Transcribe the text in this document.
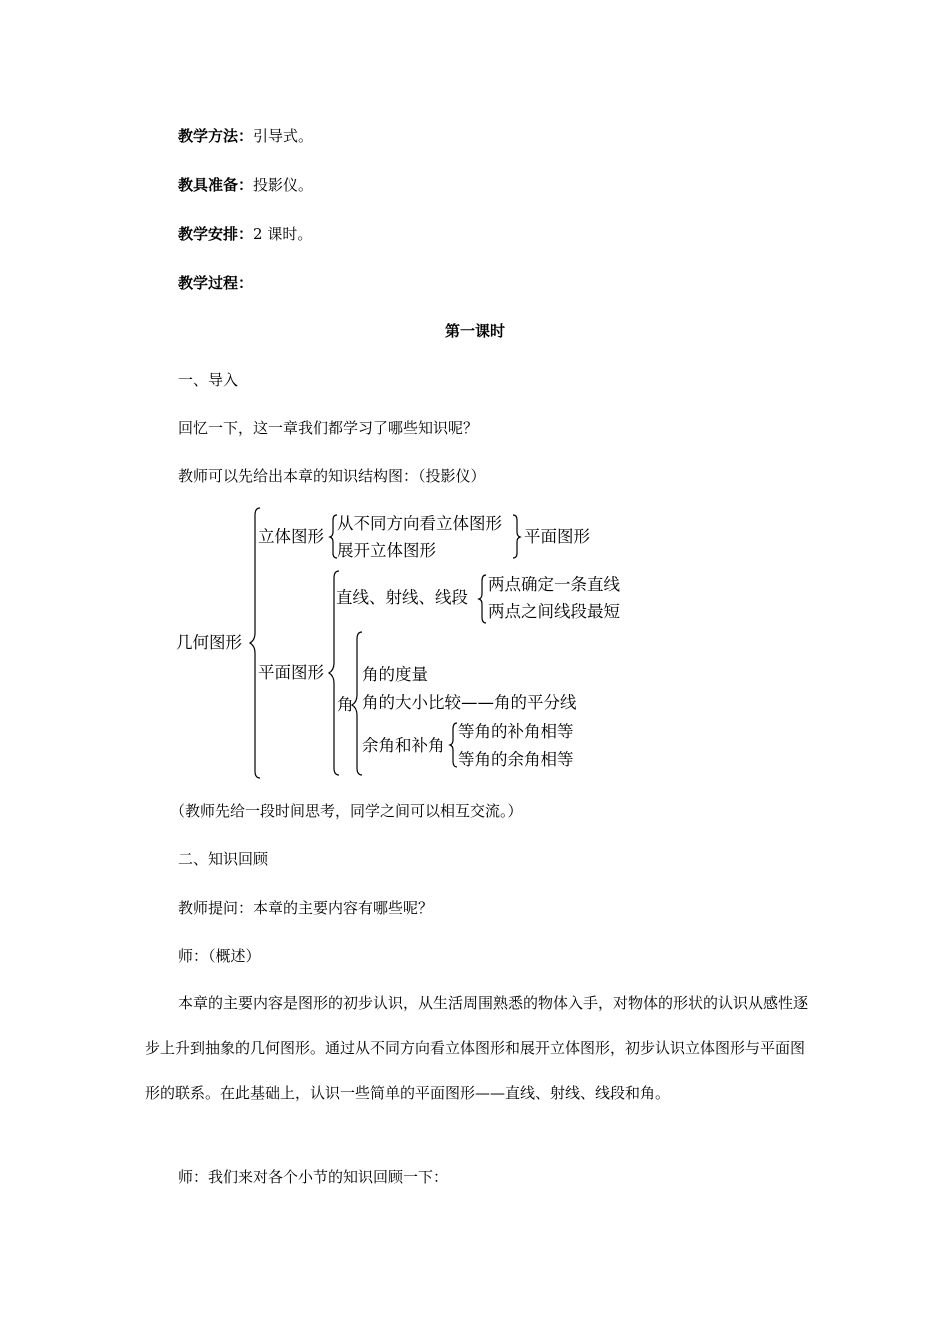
教学方法：引导式。
教具准备：投影仪。
教学安排：2 课时。
教学过程：
第一课时
一、导入
回忆一下，这一章我们都学习了哪些知识呢？
教师可以先给出本章的知识结构图：（投影仪）
几何图形
立体图形
从不同方向看立体图形
展开立体图形
平面图形
平面图形
直线、射线、线段
两点确定一条直线
两点之间线段最短
角
角的度量
角的大小比较——角的平分线
余角和补角
等角的补角相等
等角的余角相等
（教师先给一段时间思考，同学之间可以相互交流。）
二、知识回顾
教师提问：本章的主要内容有哪些呢？
师：（概述）
本章的主要内容是图形的初步认识，从生活周围熟悉的物体入手，对物体的形状的认识从感性逐步上升到抽象的几何图形。通过从不同方向看立体图形和展开立体图形，初步认识立体图形与平面图形的联系。在此基础上，认识一些简单的平面图形——直线、射线、线段和角。
师：我们来对各个小节的知识回顾一下：
